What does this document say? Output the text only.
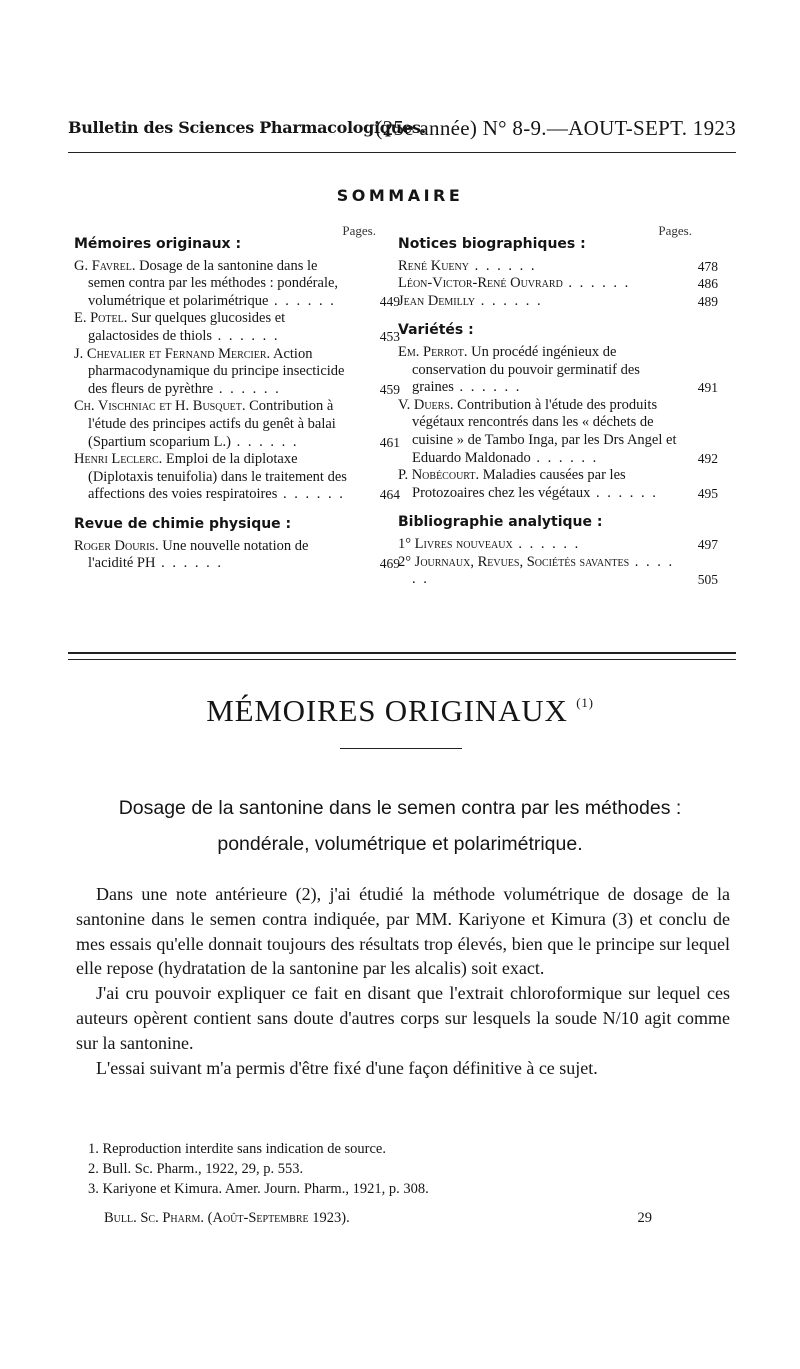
Bulletin des Sciences Pharmacologiques.
(25e année) N° 8-9.—AOUT-SEPT. 1923
SOMMAIRE
Pages.

Mémoires originaux :

G. Favrel. Dosage de la santonine dans le semen contra par les méthodes : pondérale, volumétrique et polarimétrique . . . . . .	449

E. Potel. Sur quelques glucosides et galactosides de thiols . . . . . .	453

J. Chevalier et Fernand Mercier. Action pharmacodynamique du principe insecticide des fleurs de pyrèthre . . . . . .	459

Ch. Vischniac et H. Busquet. Contribution à l'étude des principes actifs du genêt à balai (Spartium scoparium L.) . . . . . .	461

Henri Leclerc. Emploi de la diplotaxe (Diplotaxis tenuifolia) dans le traitement des affections des voies respiratoires . . . . . .	464

Revue de chimie physique :

Roger Douris. Une nouvelle notation de l'acidité PH . . . . . .	469

Pages.

Notices biographiques :

René Kueny . . . . . .	478

Léon-Victor-René Ouvrard . . . . . .	486

Jean Demilly . . . . . .	489

Variétés :

Em. Perrot. Un procédé ingénieux de conservation du pouvoir germinatif des graines . . . . . .	491

V. Duers. Contribution à l'étude des produits végétaux rencontrés dans les « déchets de cuisine » de Tambo Inga, par les Drs Angel et Eduardo Maldonado . . . . . .	492

P. Nobécourt. Maladies causées par les Protozoaires chez les végétaux . . . . . .	495

Bibliographie analytique :

1° Livres nouveaux . . . . . .	497

2° Journaux, Revues, Sociétés savantes . . . . . .	505

MÉMOIRES ORIGINAUX $^{(1)}$
Dosage de la santonine dans le semen contra par les méthodes :
pondérale, volumétrique et polarimétrique.

Dans une note antérieure (2), j'ai étudié la méthode volumétrique de dosage de la santonine dans le semen contra indiquée, par MM. Kariyone et Kimura (3) et conclu de mes essais qu'elle donnait toujours des résultats trop élevés, bien que le principe sur lequel elle repose (hydratation de la santonine par les alcalis) soit exact.

J'ai cru pouvoir expliquer ce fait en disant que l'extrait chloroformique sur lequel ces auteurs opèrent contient sans doute d'autres corps sur lesquels la soude N/10 agit comme sur la santonine.

L'essai suivant m'a permis d'être fixé d'une façon définitive à ce sujet.

1. Reproduction interdite sans indication de source.

2. Bull. Sc. Pharm., 1922, 29, p. 553.

3. Kariyone et Kimura. Amer. Journ. Pharm., 1921, p. 308.

Bull. Sc. Pharm. (Août-Septembre 1923).	29
